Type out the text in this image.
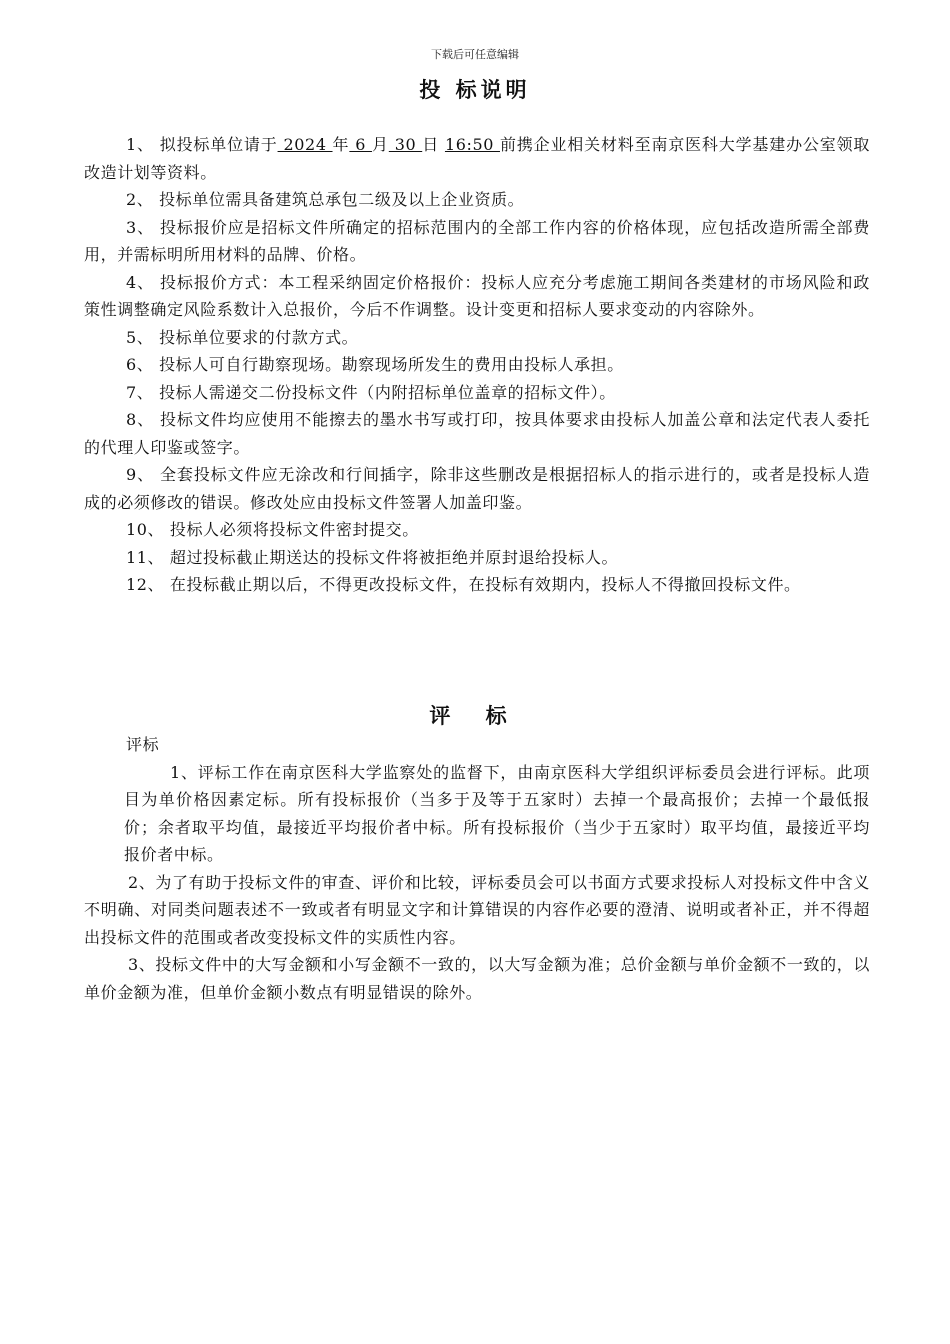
下载后可任意编辑
投 标说明

1、 拟投标单位请于 2024 年 6 月 30 日 16:50 前携企业相关材料至南京医科大学基建办公室领取改造计划等资料。

2、 投标单位需具备建筑总承包二级及以上企业资质。

3、 投标报价应是招标文件所确定的招标范围内的全部工作内容的价格体现，应包括改造所需全部费用，并需标明所用材料的品牌、价格。

4、 投标报价方式：本工程采纳固定价格报价：投标人应充分考虑施工期间各类建材的市场风险和政策性调整确定风险系数计入总报价，今后不作调整。设计变更和招标人要求变动的内容除外。

5、 投标单位要求的付款方式。

6、 投标人可自行勘察现场。勘察现场所发生的费用由投标人承担。

7、 投标人需递交二份投标文件（内附招标单位盖章的招标文件）。

8、 投标文件均应使用不能擦去的墨水书写或打印，按具体要求由投标人加盖公章和法定代表人委托的代理人印鉴或签字。

9、 全套投标文件应无涂改和行间插字，除非这些删改是根据招标人的指示进行的，或者是投标人造成的必须修改的错误。修改处应由投标文件签署人加盖印鉴。

10、 投标人必须将投标文件密封提交。

11、 超过投标截止期送达的投标文件将被拒绝并原封退给投标人。

12、 在投标截止期以后，不得更改投标文件，在投标有效期内，投标人不得撤回投标文件。

评 标

评标

1、评标工作在南京医科大学监察处的监督下，由南京医科大学组织评标委员会进行评标。此项目为单价格因素定标。所有投标报价（当多于及等于五家时）去掉一个最高报价；去掉一个最低报价；余者取平均值，最接近平均报价者中标。所有投标报价（当少于五家时）取平均值，最接近平均报价者中标。

2、为了有助于投标文件的审查、评价和比较，评标委员会可以书面方式要求投标人对投标文件中含义不明确、对同类问题表述不一致或者有明显文字和计算错误的内容作必要的澄清、说明或者补正，并不得超出投标文件的范围或者改变投标文件的实质性内容。

3、投标文件中的大写金额和小写金额不一致的，以大写金额为准；总价金额与单价金额不一致的，以单价金额为准，但单价金额小数点有明显错误的除外。
